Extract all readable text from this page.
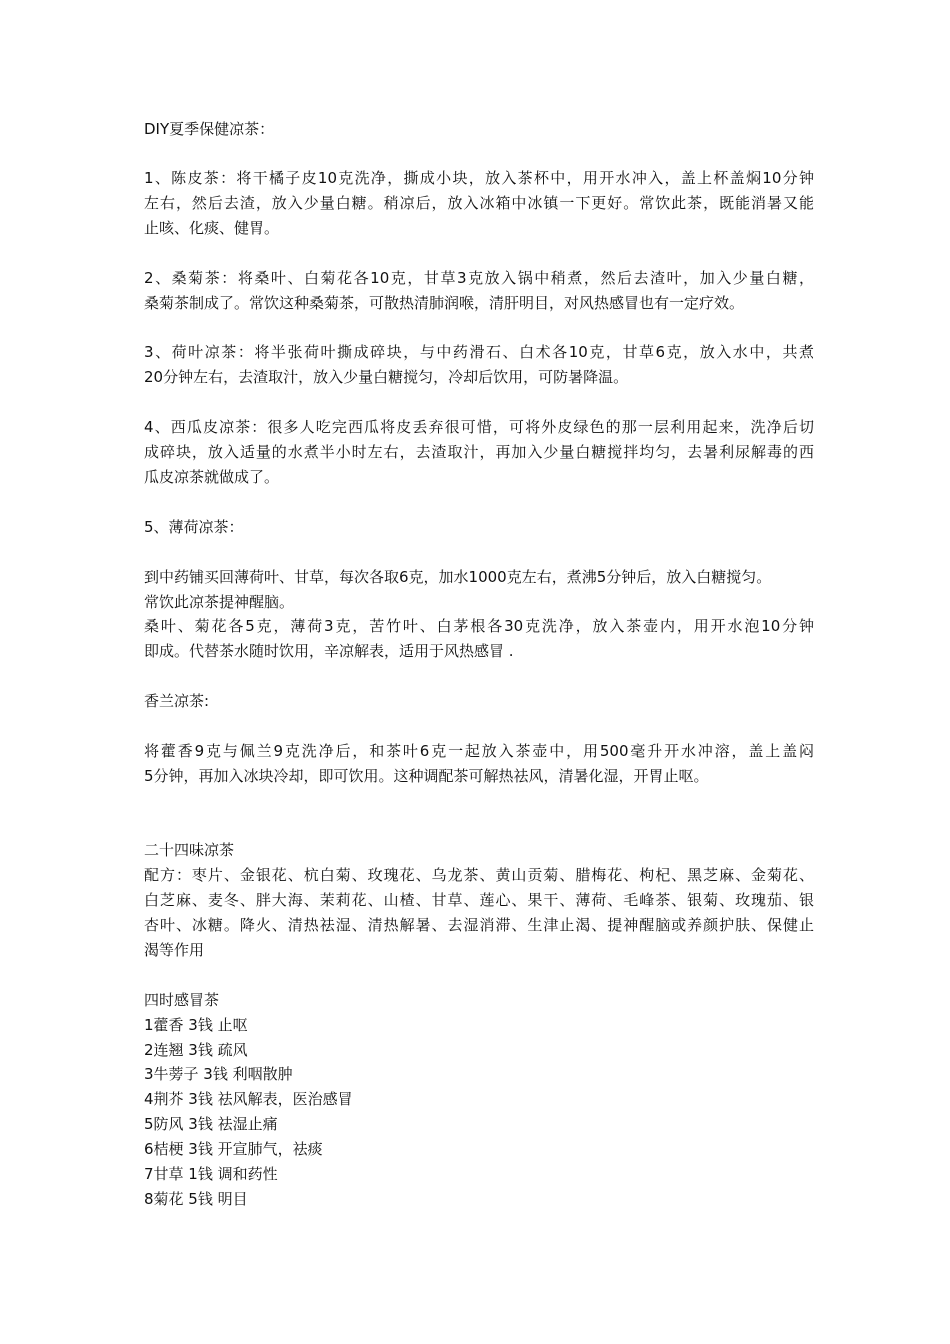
DIY夏季保健凉茶：
1、陈皮茶：将干橘子皮10克洗净，撕成小块，放入茶杯中，用开水冲入，盖上杯盖焖10分钟
左右，然后去渣，放入少量白糖。稍凉后，放入冰箱中冰镇一下更好。常饮此茶，既能消暑又能
止咳、化痰、健胃。
2、桑菊茶：将桑叶、白菊花各10克，甘草3克放入锅中稍煮，然后去渣叶，加入少量白糖，
桑菊茶制成了。常饮这种桑菊茶，可散热清肺润喉，清肝明目，对风热感冒也有一定疗效。
3、荷叶凉茶：将半张荷叶撕成碎块，与中药滑石、白术各10克，甘草6克，放入水中，共煮
20分钟左右，去渣取汁，放入少量白糖搅匀，冷却后饮用，可防暑降温。
4、西瓜皮凉茶：很多人吃完西瓜将皮丢弃很可惜，可将外皮绿色的那一层利用起来，洗净后切
成碎块，放入适量的水煮半小时左右，去渣取汁，再加入少量白糖搅拌均匀，去暑利尿解毒的西
瓜皮凉茶就做成了。
5、薄荷凉茶：
到中药铺买回薄荷叶、甘草，每次各取6克，加水1000克左右，煮沸5分钟后，放入白糖搅匀。
常饮此凉茶提神醒脑。
桑叶、菊花各5克，薄荷3克，苦竹叶、白茅根各30克洗净，放入茶壶内，用开水泡10分钟
即成。代替茶水随时饮用，辛凉解表，适用于风热感冒 .
香兰凉茶:
将藿香9克与佩兰9克洗净后，和茶叶6克一起放入茶壶中，用500毫升开水冲溶，盖上盖闷
5分钟，再加入冰块冷却，即可饮用。这种调配茶可解热祛风，清暑化湿，开胃止呕。
二十四味凉茶
配方：枣片、金银花、杭白菊、玫瑰花、乌龙茶、黄山贡菊、腊梅花、枸杞、黑芝麻、金菊花、
白芝麻、麦冬、胖大海、茉莉花、山楂、甘草、莲心、果干、薄荷、毛峰茶、银菊、玫瑰茄、银
杏叶、冰糖。降火、清热祛湿、清热解暑、去湿消滞、生津止渴、提神醒脑或养颜护肤、保健止
渴等作用
四时感冒茶
1藿香 3钱 止呕
2连翘 3钱 疏风
3牛蒡子 3钱 利咽散肿
4荆芥 3钱 祛风解表，医治感冒
5防风 3钱 祛湿止痛
6桔梗 3钱 开宣肺气，祛痰
7甘草 1钱 调和药性
8菊花 5钱 明目
